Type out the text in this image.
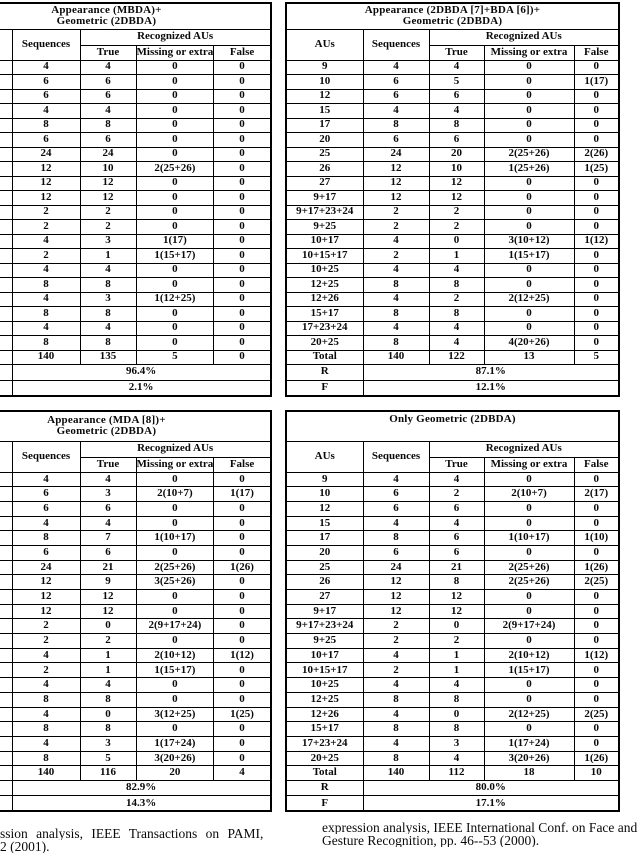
Appearance (MBDA)+
Geometric (2DBDA)				

	Sequences	Recognized AUs		
		True	Missing or extra	False
	4	4	0	0
	6	6	0	0
	6	6	0	0
	4	4	0	0
	8	8	0	0
	6	6	0	0
	24	24	0	0
	12	10	2(25+26)	0
	12	12	0	0
	12	12	0	0
	2	2	0	0
	2	2	0	0
	4	3	1(17)	0
	2	1	1(15+17)	0
	4	4	0	0
	8	8	0	0
	4	3	1(12+25)	0
	8	8	0	0
	4	4	0	0
	8	8	0	0
	140	135	5	0
	96.4%			
	2.1%			
Appearance (2DBDA [7]+BDA [6])+
Geometric (2DBDA)				

AUs	Sequences	Recognized AUs		
		True	Missing or extra	False
9	4	4	0	0
10	6	5	0	1(17)
12	6	6	0	0
15	4	4	0	0
17	8	8	0	0
20	6	6	0	0
25	24	20	2(25+26)	2(26)
26	12	10	1(25+26)	1(25)
27	12	12	0	0
9+17	12	12	0	0
9+17+23+24	2	2	0	0
9+25	2	2	0	0
10+17	4	0	3(10+12)	1(12)
10+15+17	2	1	1(15+17)	0
10+25	4	4	0	0
12+25	8	8	0	0
12+26	4	2	2(12+25)	0
15+17	8	8	0	0
17+23+24	4	4	0	0
20+25	8	4	4(20+26)	0
Total	140	122	13	5
R	87.1%			
F	12.1%			
Appearance (MDA [8])+
Geometric (2DBDA)				

	Sequences	Recognized AUs		
		True	Missing or extra	False
	4	4	0	0
	6	3	2(10+7)	1(17)
	6	6	0	0
	4	4	0	0
	8	7	1(10+17)	0
	6	6	0	0
	24	21	2(25+26)	1(26)
	12	9	3(25+26)	0
	12	12	0	0
	12	12	0	0
	2	0	2(9+17+24)	0
	2	2	0	0
	4	1	2(10+12)	1(12)
	2	1	1(15+17)	0
	4	4	0	0
	8	8	0	0
	4	0	3(12+25)	1(25)
	8	8	0	0
	4	3	1(17+24)	0
	8	5	3(20+26)	0
	140	116	20	4
	82.9%			
	14.3%			
Only Geometric (2DBDA)				

AUs	Sequences	Recognized AUs		
		True	Missing or extra	False
9	4	4	0	0
10	6	2	2(10+7)	2(17)
12	6	6	0	0
15	4	4	0	0
17	8	6	1(10+17)	1(10)
20	6	6	0	0
25	24	21	2(25+26)	1(26)
26	12	8	2(25+26)	2(25)
27	12	12	0	0
9+17	12	12	0	0
9+17+23+24	2	0	2(9+17+24)	0
9+25	2	2	0	0
10+17	4	1	2(10+12)	1(12)
10+15+17	2	1	1(15+17)	0
10+25	4	4	0	0
12+25	8	8	0	0
12+26	4	0	2(12+25)	2(25)
15+17	8	8	0	0
17+23+24	4	3	1(17+24)	0
20+25	8	4	3(20+26)	1(26)
Total	140	112	18	10
R	80.0%			
F	17.1%			
ssion analysis, IEEE Transactions on PAMI,
2 (2001).
expression analysis, IEEE International Conf. on Face and
Gesture Recognition, pp. 46--53 (2000).
